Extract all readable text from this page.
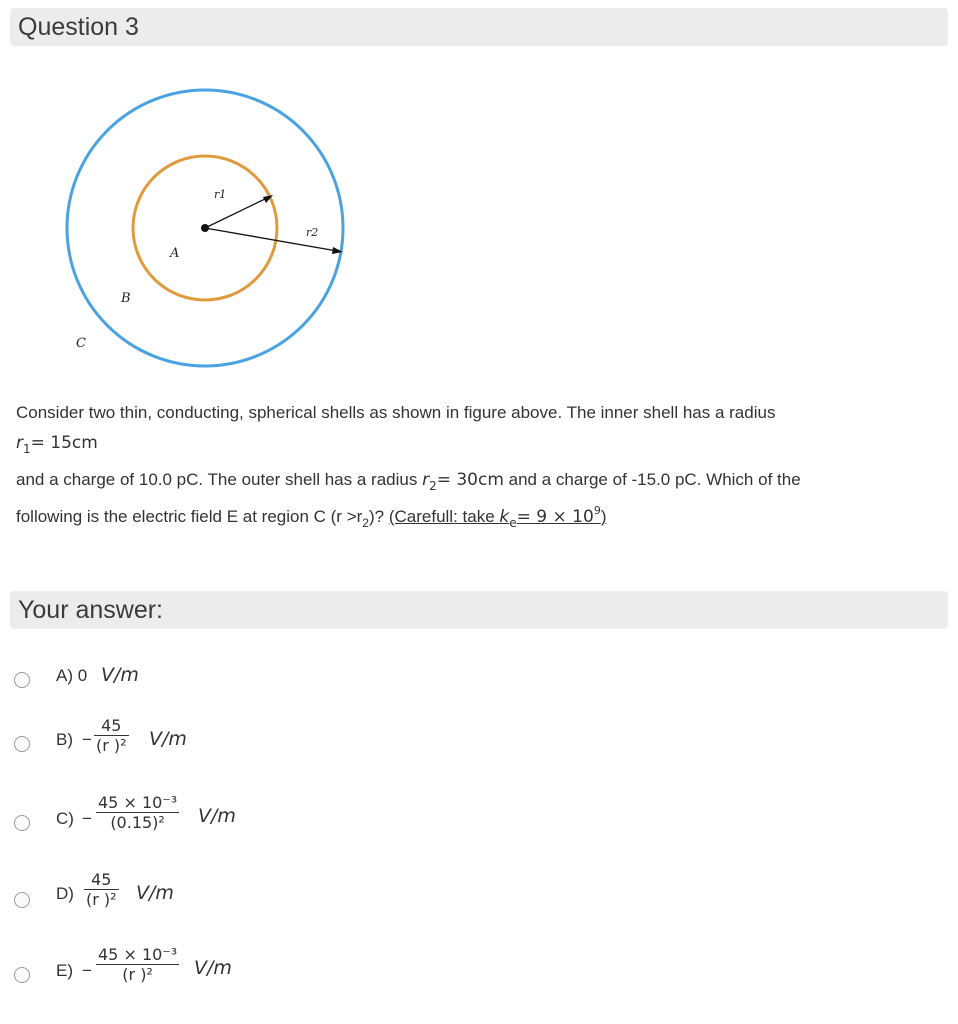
Question 3
r1
r2
A
B
C
Consider two thin, conducting, spherical shells as shown in figure above. The inner shell has a radius
$r_1= 15cm$
and a charge of 10.0 pC. The outer shell has a radius $r_2= 30cm$ and a charge of -15.0 pC. Which of the
following is the electric field E at region C $(r >r_2)$? (Carefull: take $k_e= 9 \times 10^9$)
Your answer:
A) 0 V/m
$B) - \frac{45}{\text{(r )²}} V/m$
$C) - \frac{\text{45 × 10⁻³}}{\text{(0.15)²}} V/m$
$D) \frac{45}{\text{(r )²}} V/m$
$E) - \frac{\text{45 × 10⁻³}}{\text{(r )²}} V/m$
